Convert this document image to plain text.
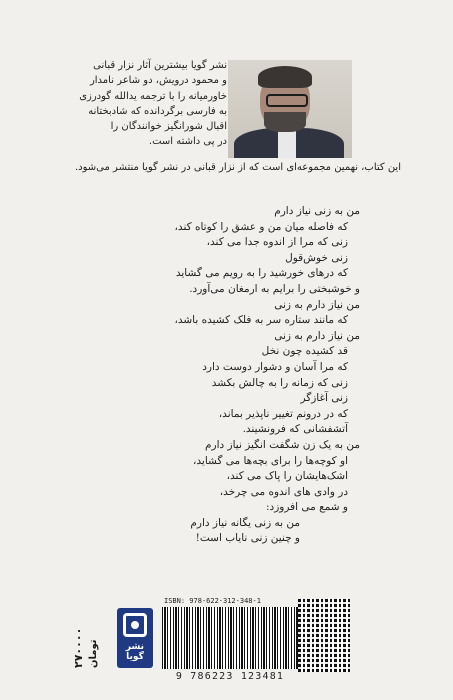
نشر گویا بیشترین آثار نزار قبانی
و محمود درویش، دو شاعر نامدار
خاورمیانه را با ترجمه یدالله گودرزی
به فارسی برگردانده که شادبختانه
اقبال شورانگیز خوانندگان را
در پی داشته است.
این کتاب، نهمین مجموعه‌ای است که از نزار قبانی در نشر گویا منتشر می‌شود.
من به زنی نیاز دارم
که فاصله میان من و عشق را کوتاه کند،
زنی که مرا از اندوه جدا می کند،
زنی خوش‌قول
که درهای خورشید را به رویم می گشاید
و خوشبختی را برایم به ارمغان می‌آورد.
من نیاز دارم به زنی
که مانند ستاره سر به فلک کشیده باشد،
من نیاز دارم به زنی
قد کشیده چون نخل
که مرا آسان و دشوار دوست دارد
زنی که زمانه را به چالش بکشد
زنی آغازگر
که در درونم تغییر ناپذیر بماند،
آتشفشانی که فرونشیند.
من به یک زن شگفت انگیز نیاز دارم
او کوچه‌ها را برای بچه‌ها می گشاید،
اشک‌هایشان را پاک می کند،
در وادی های اندوه می چرخد،
و شمع می افروزد:
من به زنی یگانه نیاز دارم
و چنین زنی نایاب است!
نشر گویا
۲۷۰۰۰۰ تومان
ISBN: 978-622-312-348-1
9 786223 123481
